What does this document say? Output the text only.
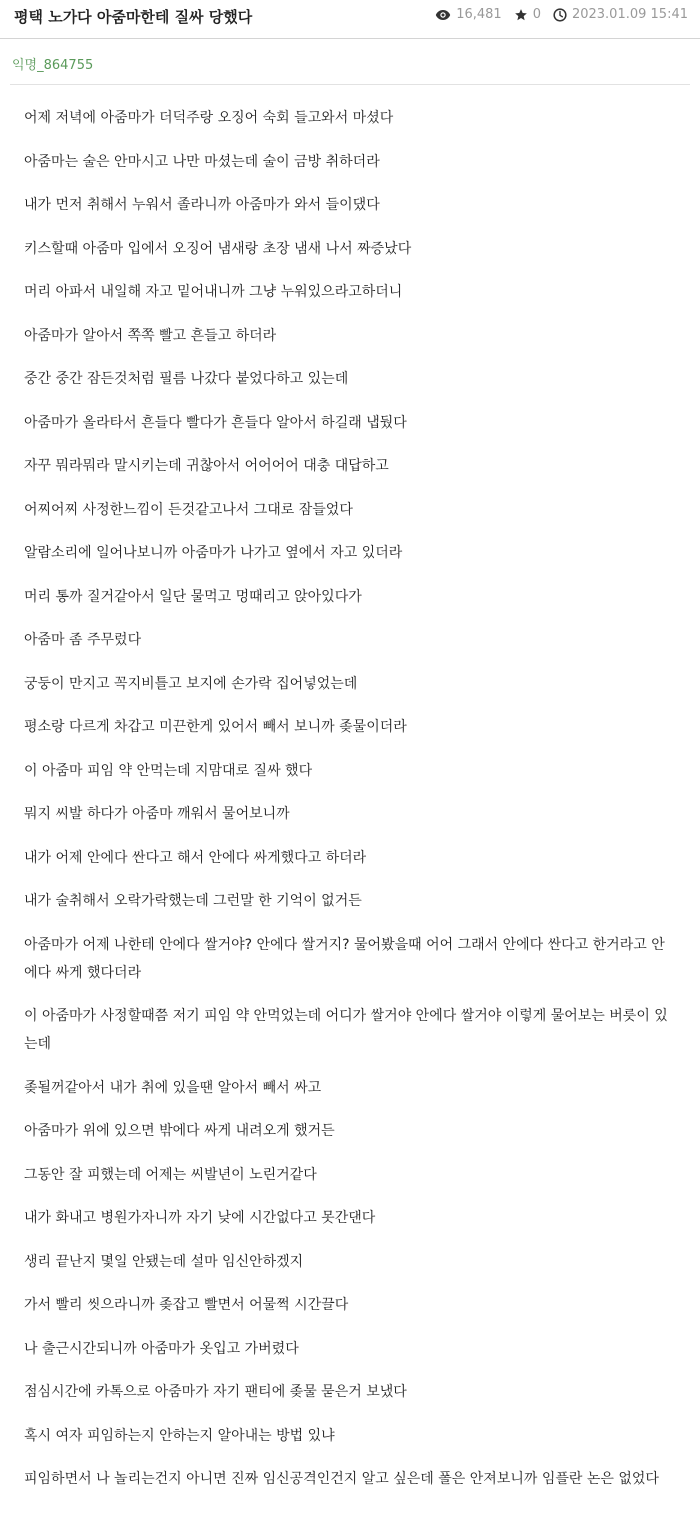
평택 노가다 아줌마한테 질싸 당했다	16,481 0 2023.01.09 15:41
익명_864755

어제 저녁에 아줌마가 더덕주랑 오징어 숙회 들고와서 마셨다

아줌마는 술은 안마시고 나만 마셨는데 술이 금방 취하더라

내가 먼저 취해서 누워서 졸라니까 아줌마가 와서 들이댔다

키스할때 아줌마 입에서 오징어 냄새랑 초장 냄새 나서 짜증났다

머리 아파서 내일해 자고 밑어내니까 그냥 누워있으라고하더니

아줌마가 알아서 쪽쪽 빨고 흔들고 하더라

중간 중간 잠든것처럼 필름 나갔다 붙었다하고 있는데

아줌마가 올라타서 흔들다 빨다가 흔들다 알아서 하길래 냅뒀다

자꾸 뭐라뭐라 말시키는데 귀찮아서 어어어어 대충 대답하고

어찌어찌 사정한느낌이 든것같고나서 그대로 잠들었다

알람소리에 일어나보니까 아줌마가 나가고 옆에서 자고 있더라

머리 통까 질거같아서 일단 물먹고 멍때리고 앉아있다가

아줌마 좀 주무렀다

궁둥이 만지고 꼭지비틀고 보지에 손가락 집어넣었는데

평소랑 다르게 차갑고 미끈한게 있어서 빼서 보니까 좆물이더라

이 아줌마 피임 약 안먹는데 지맘대로 질싸 했다

뭐지 씨발 하다가 아줌마 깨워서 물어보니까

내가 어제 안에다 싼다고 해서 안에다 싸게했다고 하더라

내가 술취해서 오락가락했는데 그런말 한 기억이 없거든

아줌마가 어제 나한테 안에다 쌀거야? 안에다 쌀거지? 물어봤을때 어어 그래서 안에다 싼다고 한거라고 안에다 싸게 했다더라

이 아줌마가 사정할때쯤 저기 피임 약 안먹었는데 어디가 쌀거야 안에다 쌀거야 이렇게 물어보는 버릇이 있는데

좆될꺼같아서 내가 취에 있을땐 알아서 빼서 싸고

아줌마가 위에 있으면 밖에다 싸게 내려오게 했거든

그동안 잘 피했는데 어제는 씨발년이 노린거같다

내가 화내고 병원가자니까 자기 낮에 시간없다고 못간댄다

생리 끝난지 몇일 안됐는데 설마 임신안하겠지

가서 빨리 씻으라니까 좆잡고 빨면서 어물쩍 시간끌다

나 출근시간되니까 아줌마가 옷입고 가버렸다

점심시간에 카톡으로 아줌마가 자기 팬티에 좆물 묻은거 보냈다

혹시 여자 피임하는지 안하는지 알아내는 방법 있냐

피임하면서 나 놀리는건지 아니면 진짜 임신공격인건지 알고 싶은데 폴은 안져보니까 임플란 논은 없었다
